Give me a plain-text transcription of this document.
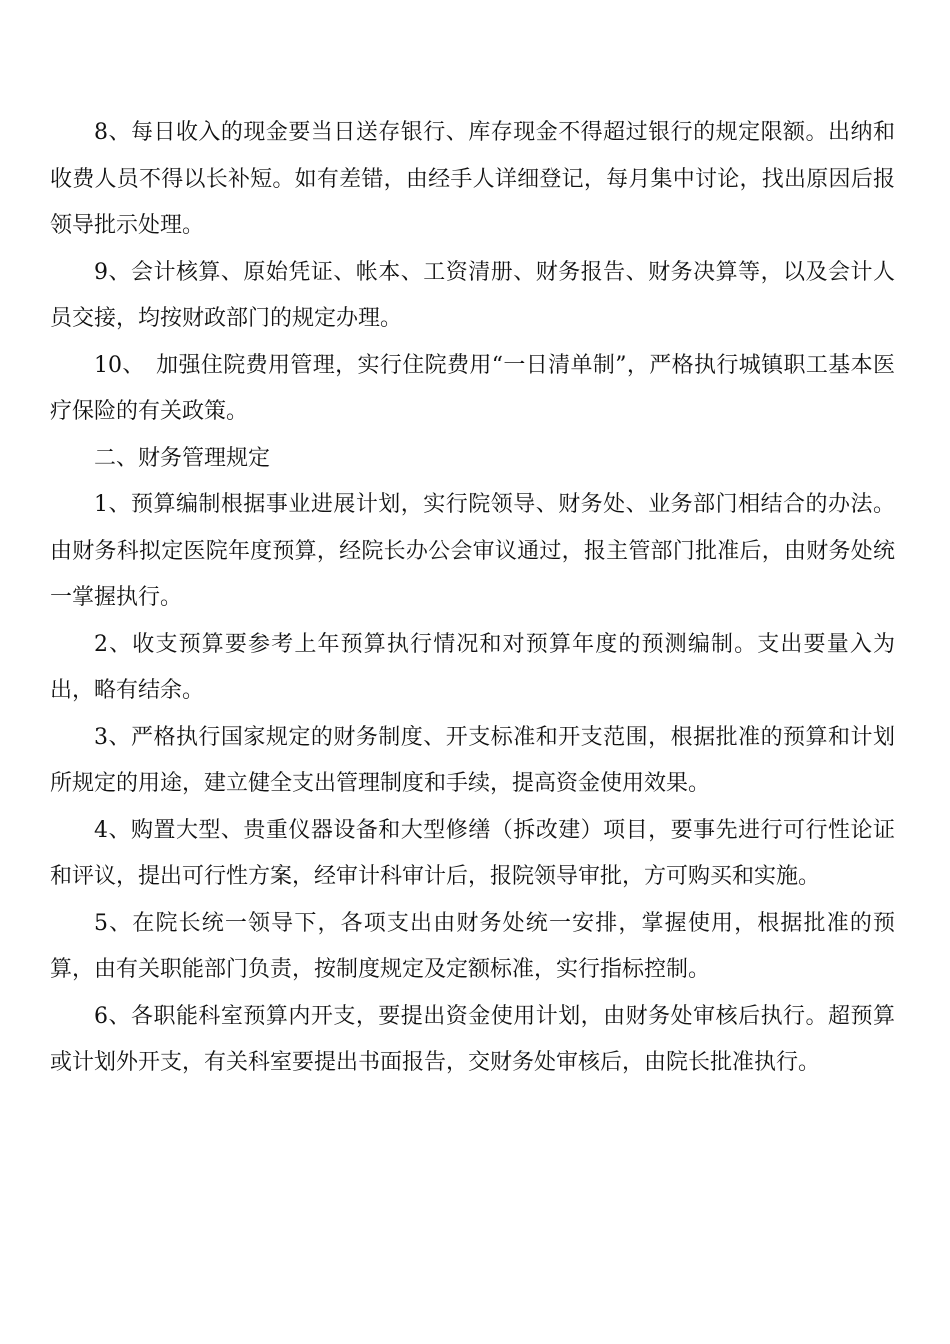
8、每日收入的现金要当日送存银行、库存现金不得超过银行的规定限额。出纳和收费人员不得以长补短。如有差错，由经手人详细登记，每月集中讨论，找出原因后报领导批示处理。

9、会计核算、原始凭证、帐本、工资清册、财务报告、财务决算等，以及会计人员交接，均按财政部门的规定办理。

10、　加强住院费用管理，实行住院费用“一日清单制”，严格执行城镇职工基本医疗保险的有关政策。

二、财务管理规定

1、预算编制根据事业进展计划，实行院领导、财务处、业务部门相结合的办法。由财务科拟定医院年度预算，经院长办公会审议通过，报主管部门批准后，由财务处统一掌握执行。

2、收支预算要参考上年预算执行情况和对预算年度的预测编制。支出要量入为出，略有结余。

3、严格执行国家规定的财务制度、开支标准和开支范围，根据批准的预算和计划所规定的用途，建立健全支出管理制度和手续，提高资金使用效果。

4、购置大型、贵重仪器设备和大型修缮（拆改建）项目，要事先进行可行性论证和评议，提出可行性方案，经审计科审计后，报院领导审批，方可购买和实施。

5、在院长统一领导下，各项支出由财务处统一安排，掌握使用，根据批准的预算，由有关职能部门负责，按制度规定及定额标准，实行指标控制。

6、各职能科室预算内开支，要提出资金使用计划，由财务处审核后执行。超预算或计划外开支，有关科室要提出书面报告，交财务处审核后，由院长批准执行。
